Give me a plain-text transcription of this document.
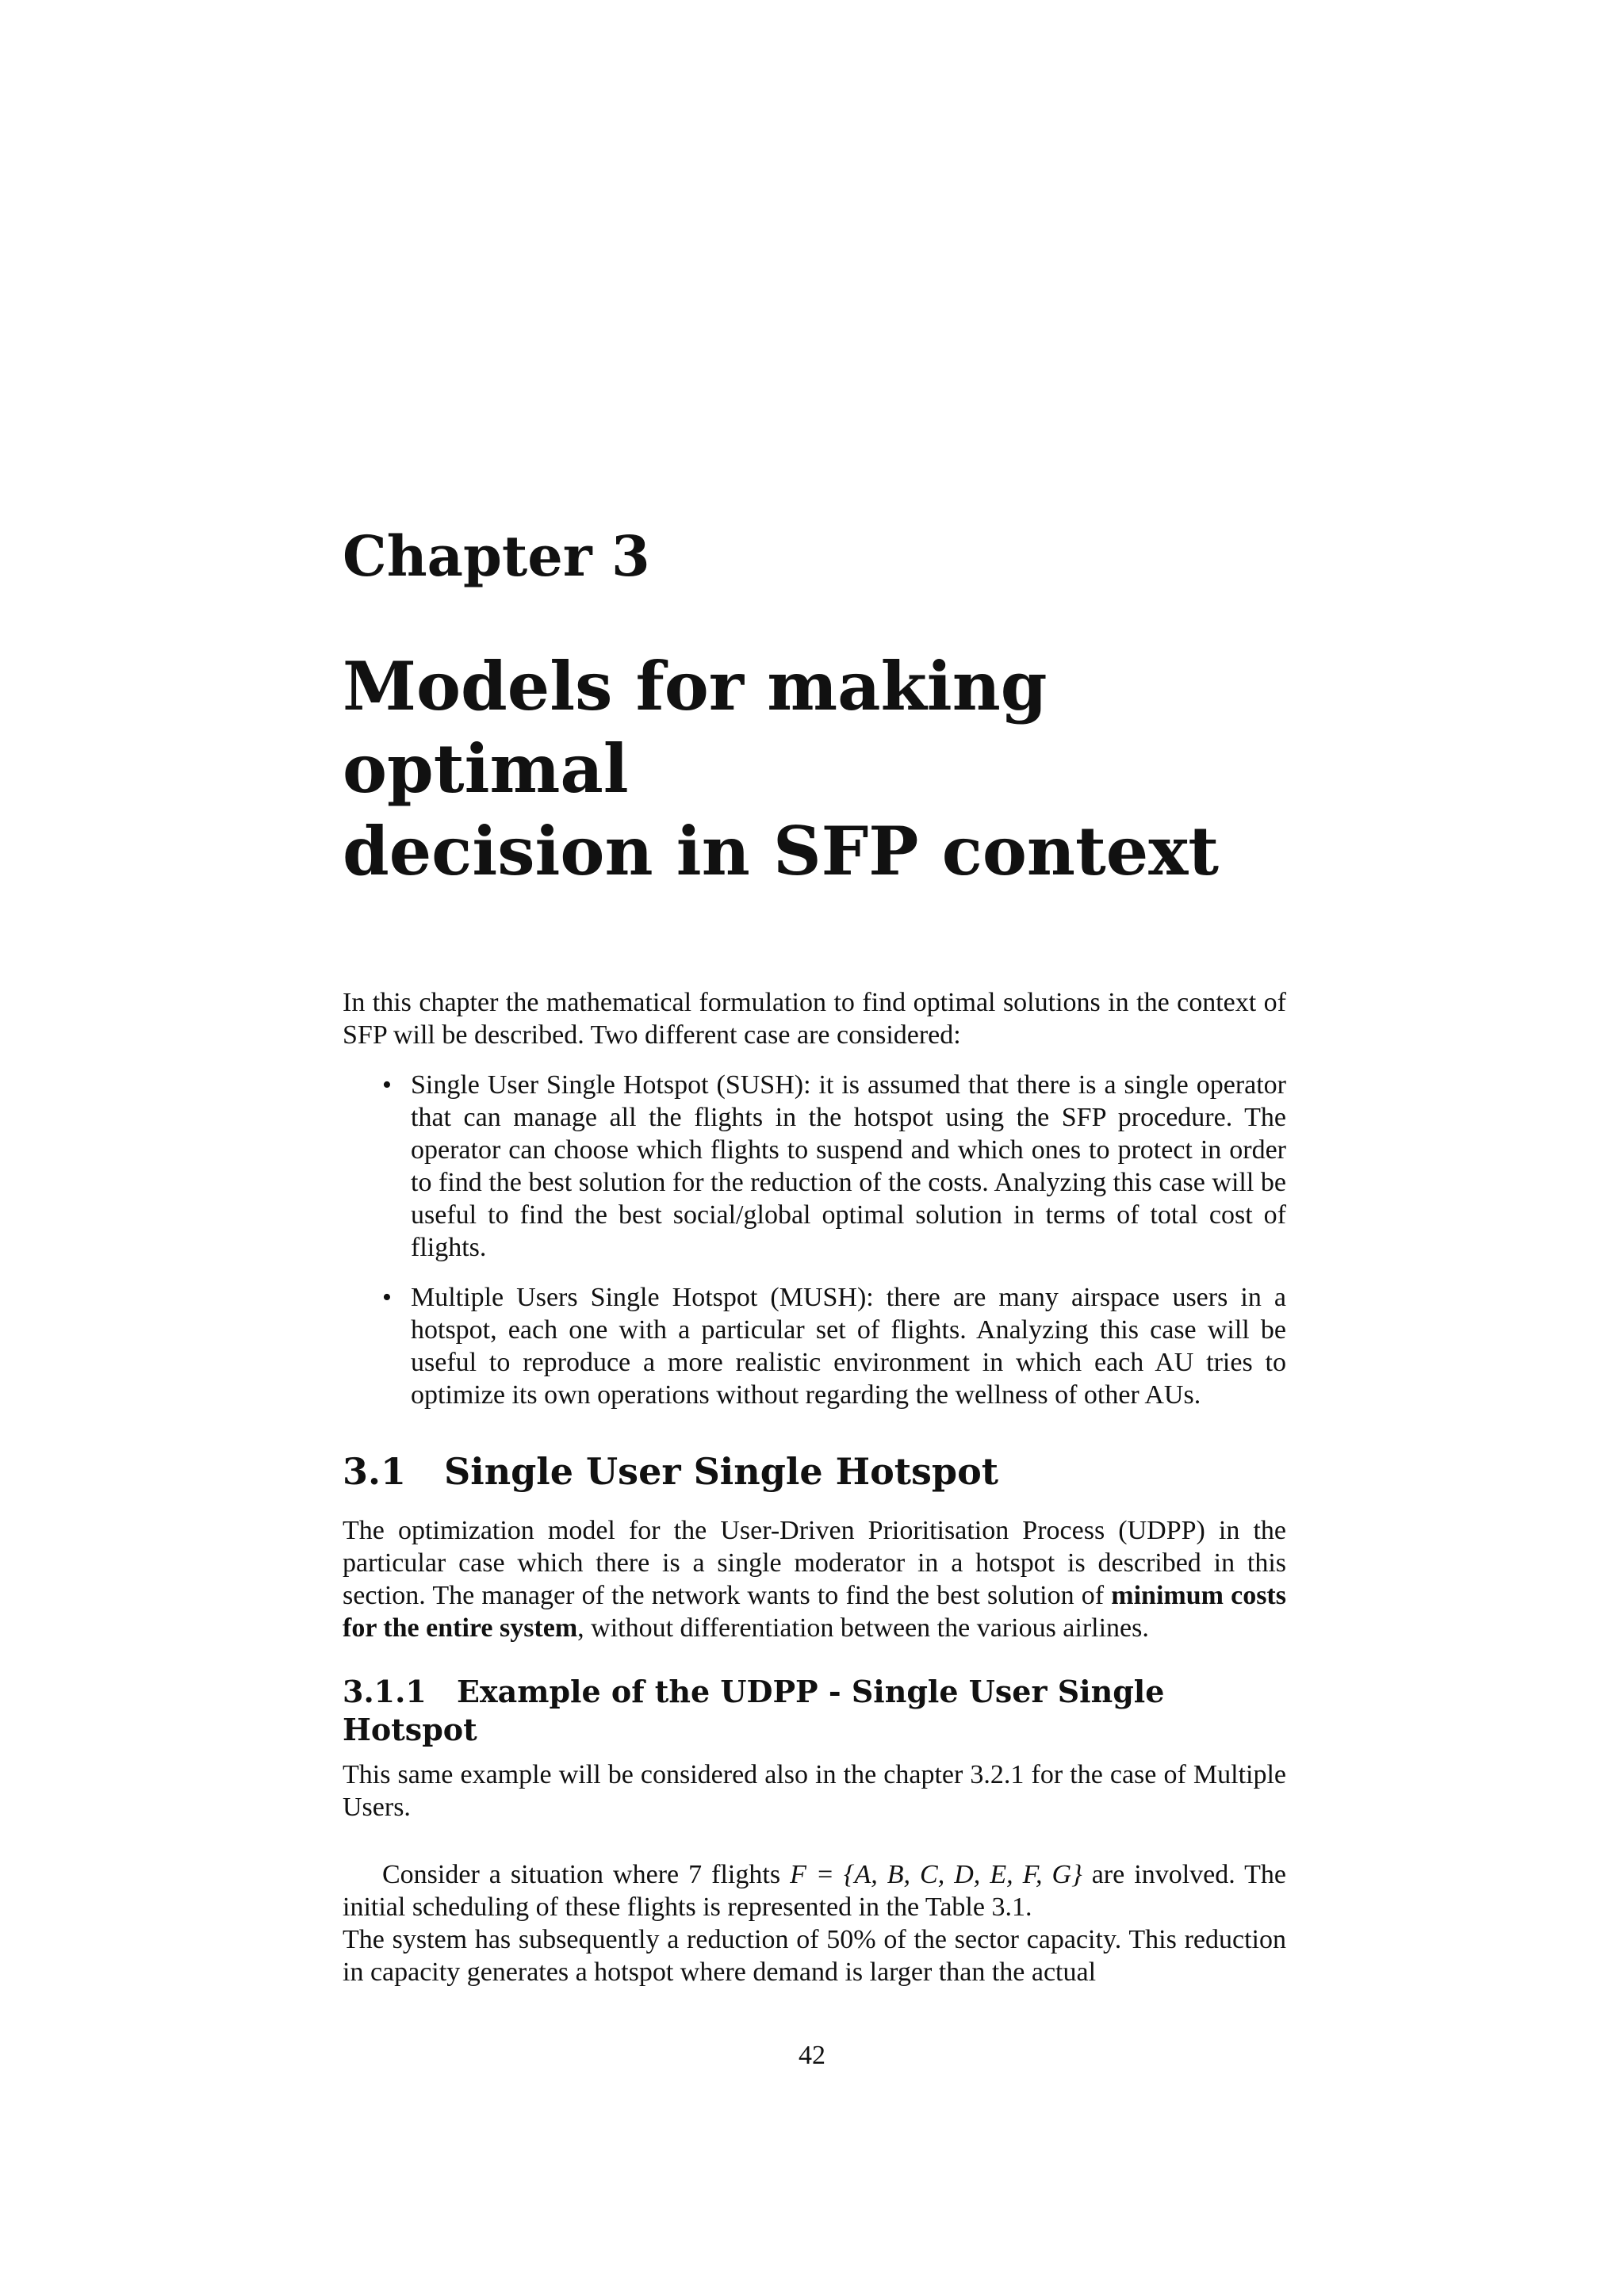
Chapter 3
Models for making optimal
decision in SFP context

In this chapter the mathematical formulation to find optimal solutions in the context of SFP will be described. Two different case are considered:

• Single User Single Hotspot (SUSH): it is assumed that there is a single operator that can manage all the flights in the hotspot using the SFP procedure. The operator can choose which flights to suspend and which ones to protect in order to find the best solution for the reduction of the costs. Analyzing this case will be useful to find the best social/global optimal solution in terms of total cost of flights.
• Multiple Users Single Hotspot (MUSH): there are many airspace users in a hotspot, each one with a particular set of flights. Analyzing this case will be useful to reproduce a more realistic environment in which each AU tries to optimize its own operations without regarding the wellness of other AUs.
3.1 Single User Single Hotspot

The optimization model for the User-Driven Prioritisation Process (UDPP) in the particular case which there is a single moderator in a hotspot is described in this section. The manager of the network wants to find the best solution of minimum costs for the entire system, without differentiation between the various airlines.

3.1.1 Example of the UDPP - Single User Single Hotspot

This same example will be considered also in the chapter 3.2.1 for the case of Multiple Users.

Consider a situation where 7 flights F = {A, B, C, D, E, F, G} are involved. The initial scheduling of these flights is represented in the Table 3.1.

The system has subsequently a reduction of 50% of the sector capacity. This reduction in capacity generates a hotspot where demand is larger than the actual

42
